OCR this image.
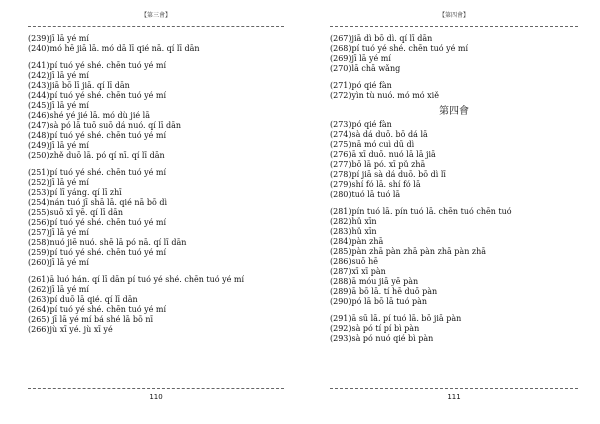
【第三會】
(239)jī lā yé mí
(240)mó hē jiā lā. mó dā lī qié nā. qí lī dān
(241)pí tuó yé shé. chēn tuó yé mí
(242)jī lā yé mí
(243)jiā bō lī jiā. qí lī dān
(244)pí tuó yé shé. chēn tuó yé mí
(245)jī lā yé mí
(246)shé yé jié lā. mó dù jié lā
(247)sà pó lā tuō suō dá nuó. qí lī dān
(248)pí tuó yé shé. chēn tuó yé mí
(249)jī lā yé mí
(250)zhě duō lā. pó qí nī. qí lī dān
(251)pí tuó yé shé. chēn tuó yé mí
(252)jī lā yé mí
(253)pí lī yáng. qí lī zhī
(254)nán tuó jī shā lā. qié nā bō dì
(255)suō xī yē. qí lī dān
(256)pí tuó yé shé. chēn tuó yé mí
(257)jī lā yé mí
(258)nuó jiē nuó. shē lā pó nā. qí lī dān
(259)pí tuó yé shé. chēn tuó yé mí
(260)jī lā yé mí
(261)ā luó hán. qí lī dān pí tuó yé shé. chēn tuó yé mí
(262)jī lā yé mí
(263)pí duō lā qié. qí lī dān
(264)pí tuó yé shé. chēn tuó yé mí
(265) jī lā yé mí bá shé lā bō nī
(266)jù xī yé. jù xī yé
110
【第四會】
(267)jiā dì bō dì. qí lī dān
(268)pí tuó yé shé. chēn tuó yé mí
(269)jī lā yé mí
(270)lā chā wǎng
(271)pó qié fàn
(272)yìn tù nuó. mó mó xiě
第四會
(273)pó qié fàn
(274)sà dá duō. bō dá lā
(275)nā mó cuì dū dì
(276)ā xī duō. nuó lā lā jiā
(277)bō lā pó. xī pǔ zhā
(278)pí jiā sà dá duō. bō dì lī
(279)shí fó lā. shí fó lā
(280)tuó lā tuó lā
(281)pín tuó lā. pín tuó lā. chēn tuó chēn tuó
(282)hǔ xīn
(283)hǔ xīn
(284)pàn zhā
(285)pàn zhā pàn zhā pàn zhā pàn zhā
(286)suō hē
(287)xī xī pàn
(288)ā móu jiā yē pàn
(289)ā bō lā. tí hē duō pàn
(290)pó lā bō lā tuó pàn
(291)ā sū lā. pí tuó lā. bō jiā pàn
(292)sà pó tí pí bì pàn
(293)sà pó nuó qié bì pàn
111
